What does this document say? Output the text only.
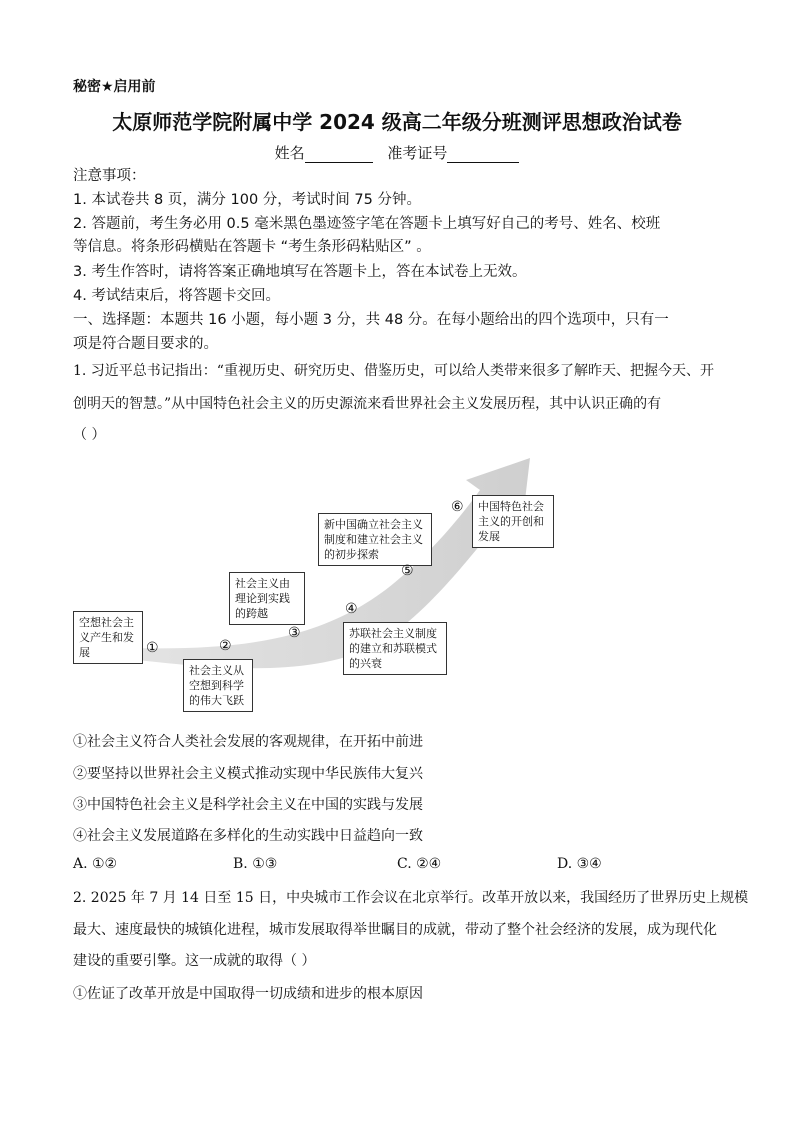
秘密★启用前
太原师范学院附属中学 2024 级高二年级分班测评思想政治试卷
姓名	准考证号
注意事项：
1. 本试卷共 8 页，满分 100 分，考试时间 75 分钟。
2. 答题前，考生务必用 0.5 毫米黑色墨迹签字笔在答题卡上填写好自己的考号、姓名、校班
等信息。将条形码横贴在答题卡 “考生条形码粘贴区” 。
3. 考生作答时，请将答案正确地填写在答题卡上，答在本试卷上无效。
4. 考试结束后，将答题卡交回。
一、选择题：本题共 16 小题，每小题 3 分，共 48 分。在每小题给出的四个选项中，只有一
项是符合题目要求的。
1. 习近平总书记指出：“重视历史、研究历史、借鉴历史，可以给人类带来很多了解昨天、把握今天、开
创明天的智慧。”从中国特色社会主义的历史源流来看世界社会主义发展历程，其中认识正确的有
（ ）
空想社会主义产生和发展
社会主义从空想到科学的伟大飞跃
社会主义由理论到实践的跨越
苏联社会主义制度的建立和苏联模式的兴衰
新中国确立社会主义制度和建立社会主义的初步探索
中国特色社会主义的开创和发展
①	②
③
④
⑤
⑥
①社会主义符合人类社会发展的客观规律，在开拓中前进
②要坚持以世界社会主义模式推动实现中华民族伟大复兴
③中国特色社会主义是科学社会主义在中国的实践与发展
④社会主义发展道路在多样化的生动实践中日益趋向一致
A. ①②	B. ①③	C. ②④	D. ③④
2. 2025 年 7 月 14 日至 15 日，中央城市工作会议在北京举行。改革开放以来，我国经历了世界历史上规模
最大、速度最快的城镇化进程，城市发展取得举世瞩目的成就，带动了整个社会经济的发展，成为现代化
建设的重要引擎。这一成就的取得（ ）
①佐证了改革开放是中国取得一切成绩和进步的根本原因
